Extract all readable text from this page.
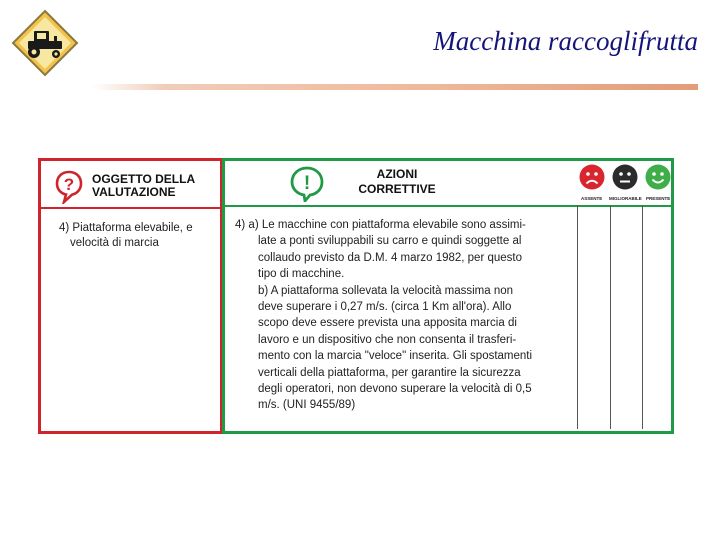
Macchina raccoglifrutta
? OGGETTO DELLA
VALUTAZIONE
4) Piattaforma elevabile, e
velocità di marcia
!	AZIONI
CORRETTIVE
ASSENTE MIGLIORABILE PRESENTE

4) a) Le macchine con piattaforma elevabile sono assimi-
late a ponti sviluppabili su carro e quindi soggette al
collaudo previsto da D.M. 4 marzo 1982, per questo
tipo di macchine.

b) A piattaforma sollevata la velocità massima non
deve superare i 0,27 m/s. (circa 1 Km all'ora). Allo
scopo deve essere prevista una apposita marcia di
lavoro e un dispositivo che non consenta il trasferi-
mento con la marcia "veloce" inserita. Gli spostamenti
verticali della piattaforma, per garantire la sicurezza
degli operatori, non devono superare la velocità di 0,5
m/s. (UNI 9455/89)
